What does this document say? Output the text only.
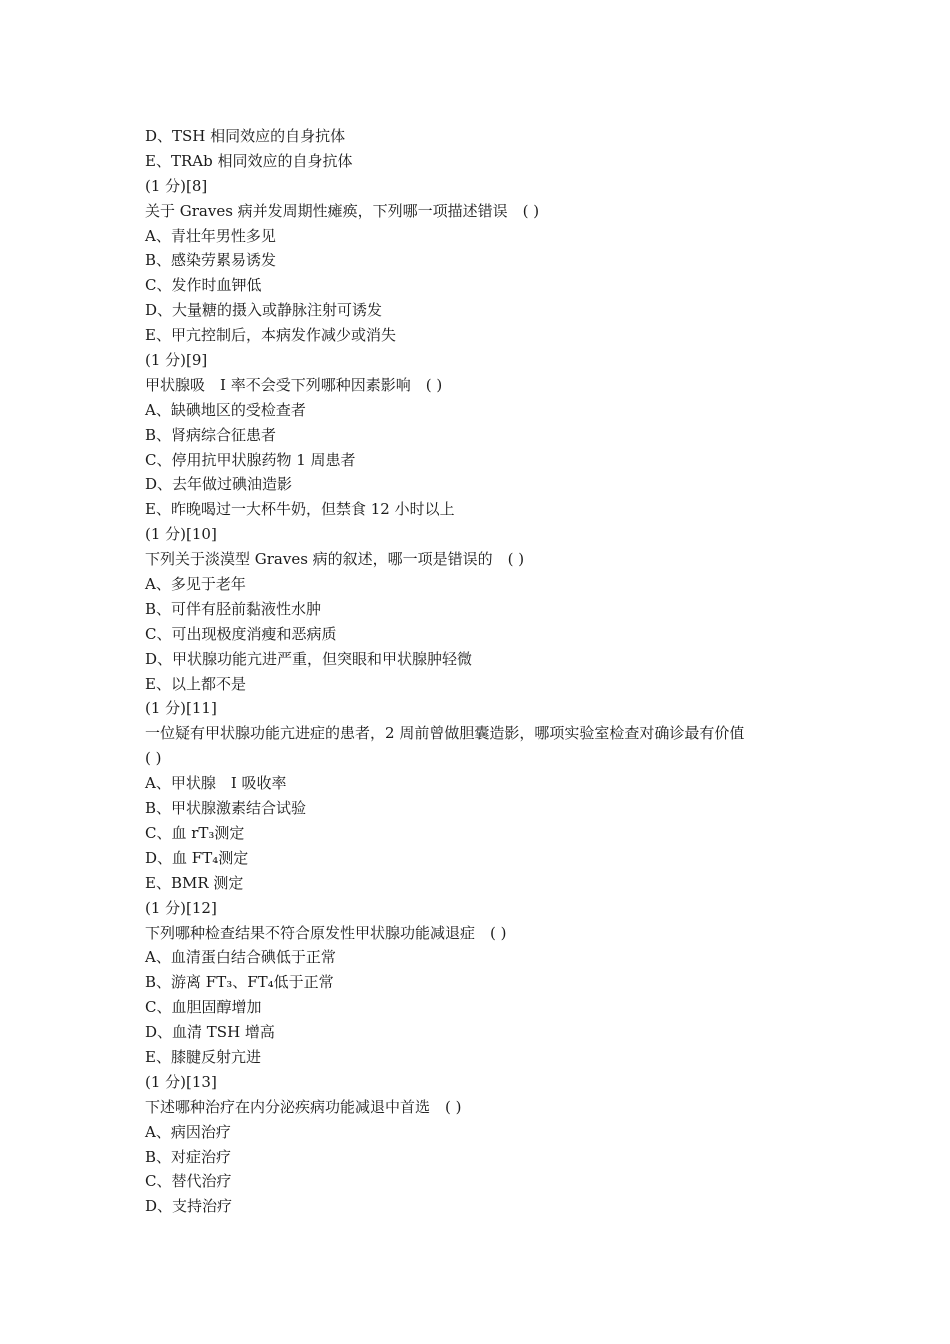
D、TSH 相同效应的自身抗体
E、TRAb 相同效应的自身抗体
(1 分)[8]
关于 Graves 病并发周期性瘫痪，下列哪一项描述错误　( )
A、青壮年男性多见
B、感染劳累易诱发
C、发作时血钾低
D、大量糖的摄入或静脉注射可诱发
E、甲亢控制后，本病发作减少或消失
(1 分)[9]
甲状腺吸　I 率不会受下列哪种因素影响　( )
A、缺碘地区的受检查者
B、肾病综合征患者
C、停用抗甲状腺药物 1 周患者
D、去年做过碘油造影
E、昨晚喝过一大杯牛奶，但禁食 12 小时以上
(1 分)[10]
下列关于淡漠型 Graves 病的叙述，哪一项是错误的　( )
A、多见于老年
B、可伴有胫前黏液性水肿
C、可出现极度消瘦和恶病质
D、甲状腺功能亢进严重，但突眼和甲状腺肿轻微
E、以上都不是
(1 分)[11]
一位疑有甲状腺功能亢进症的患者，2 周前曾做胆囊造影，哪项实验室检查对确诊最有价值
( )
A、甲状腺　I 吸收率
B、甲状腺激素结合试验
C、血 rT₃测定
D、血 FT₄测定
E、BMR 测定
(1 分)[12]
下列哪种检查结果不符合原发性甲状腺功能减退症　( )
A、血清蛋白结合碘低于正常
B、游离 FT₃、FT₄低于正常
C、血胆固醇增加
D、血清 TSH 增高
E、膝腱反射亢进
(1 分)[13]
下述哪种治疗在内分泌疾病功能减退中首选　( )
A、病因治疗
B、对症治疗
C、替代治疗
D、支持治疗
